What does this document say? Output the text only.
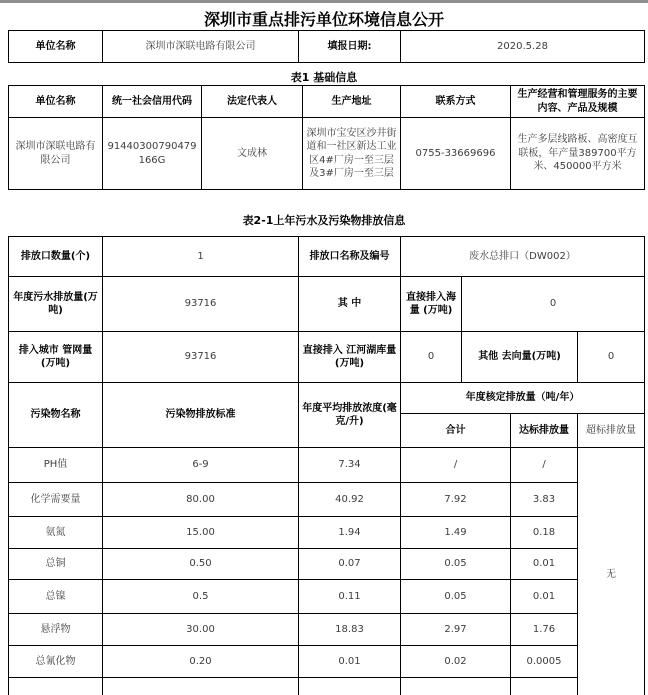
深圳市重点排污单位环境信息公开
单位名称	深圳市深联电路有限公司	填报日期:	2020.5.28
表1 基础信息
单位名称	统一社会信用代码	法定代表人	生产地址	联系方式	生产经营和管理服务的主要内容、产品及规模
深圳市深联电路有限公司	91440300790479166G	文成林	深圳市宝安区沙井街道和一社区新达工业区4#厂房一至三层及3#厂房一至三层	0755-33669696	生产多层线路板、高密度互联板，年产量389700平方米、450000平方米
表2-1上年污水及污染物排放信息
排放口数量(个)	1	排放口名称及编号	废水总排口（DW002）			
年度污水排放量(万吨)	93716	其 中	直接排入海量 (万吨)	0		
排入城市 管网量(万吨)	93716	直接排入 江河湖库量 (万吨)	0	其他 去向量(万吨)		0
污染物名称	污染物排放标准	年度平均排放浓度(毫克/升)	年度核定排放量（吨/年）			
			合计		达标排放量	超标排放量
PH值	6-9	7.34	/		/	无
化学需要量	80.00	40.92	7.92		3.83	
氨氮	15.00	1.94	1.49		0.18	
总铜	0.50	0.07	0.05		0.01	
总镍	0.5	0.11	0.05		0.01	
悬浮物	30.00	18.83	2.97		1.76	
总氰化物	0.20	0.01	0.02		0.0005	
